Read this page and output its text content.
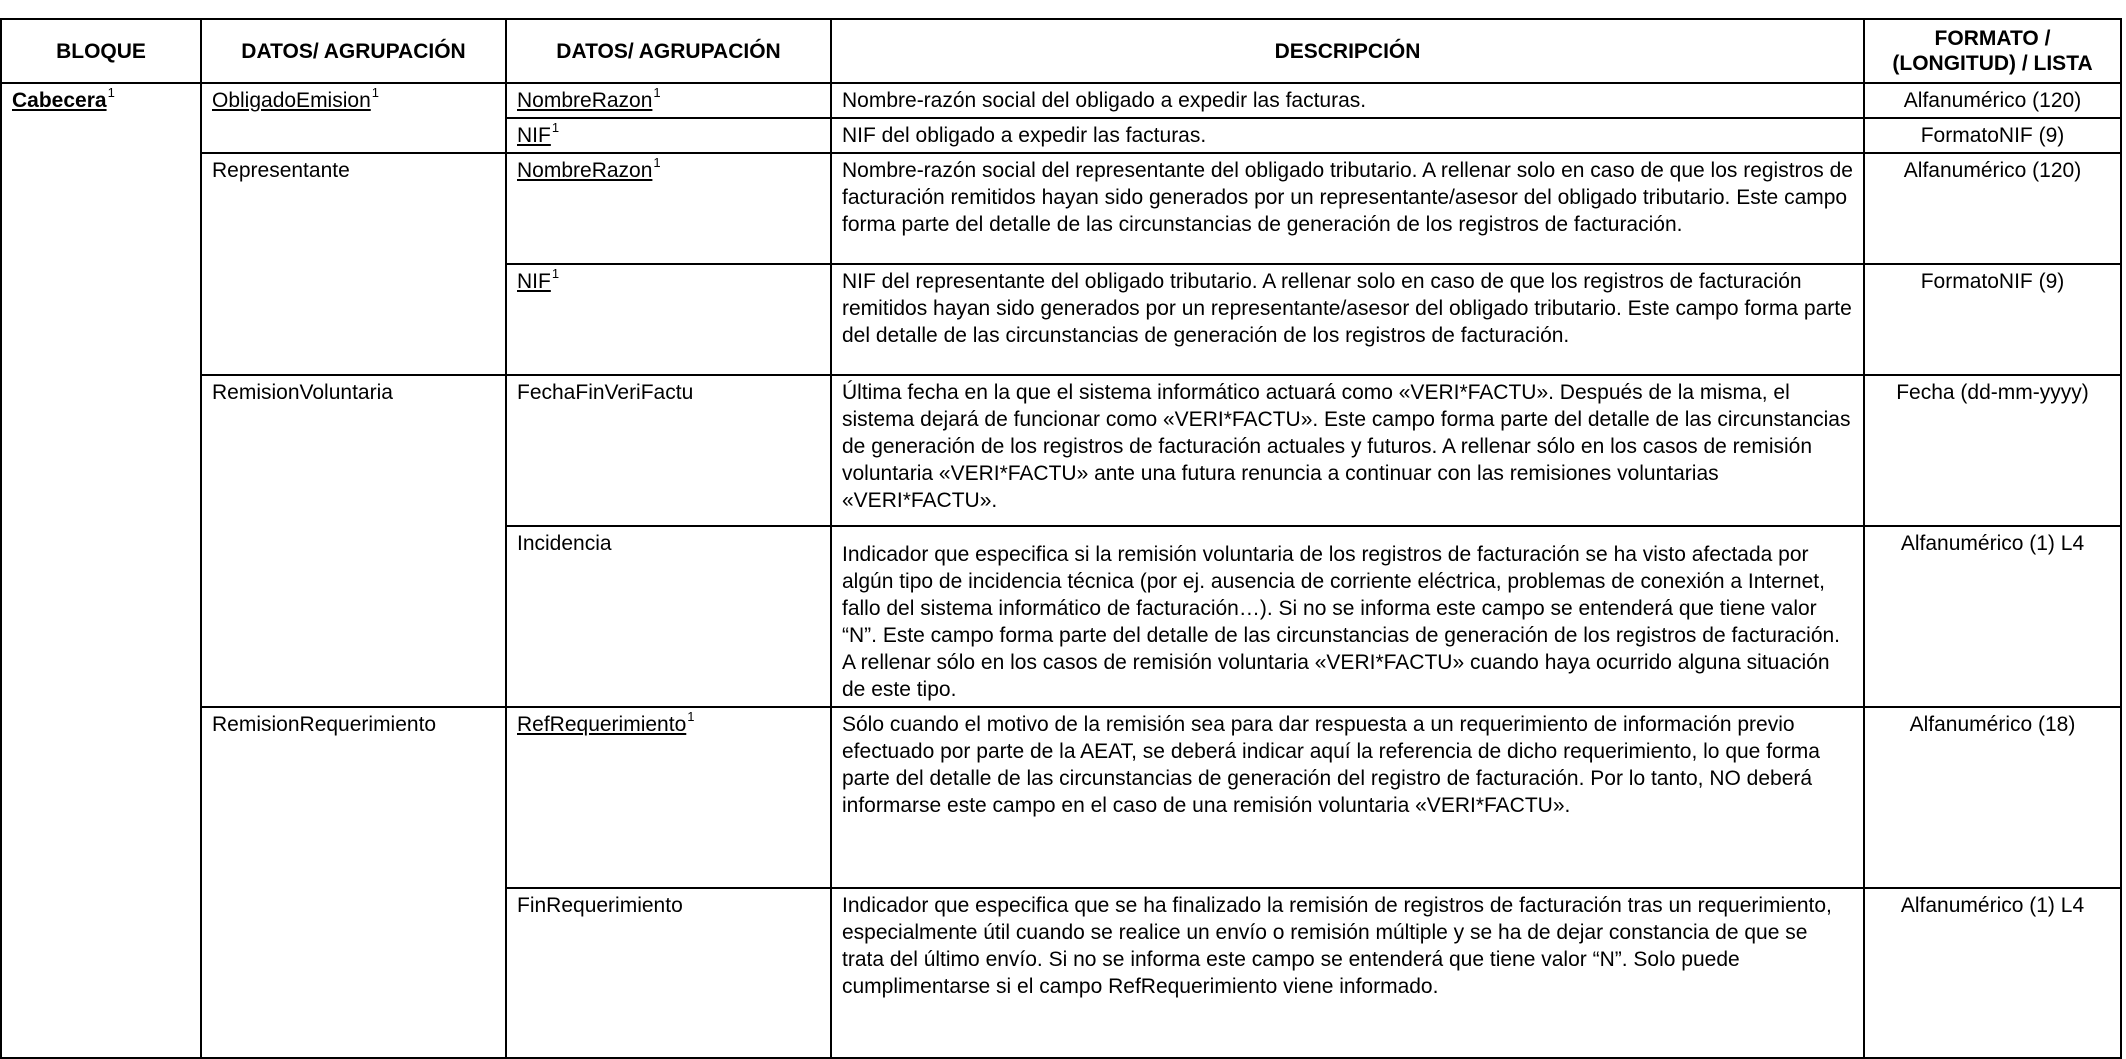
BLOQUE	DATOS/ AGRUPACIÓN	DATOS/ AGRUPACIÓN	DESCRIPCIÓN	FORMATO /
(LONGITUD) / LISTA

Cabecera$^1$	ObligadoEmision$^1$	NombreRazon$^1$	Nombre-razón social del obligado a expedir las facturas.	Alfanumérico (120)
		NIF$^1$	NIF del obligado a expedir las facturas.	FormatoNIF (9)
	Representante	NombreRazon$^1$	Nombre-razón social del representante del obligado tributario. A rellenar solo en caso de que los registros de facturación remitidos hayan sido generados por un representante/asesor del obligado tributario. Este campo forma parte del detalle de las circunstancias de generación de los registros de facturación.	Alfanumérico (120)
		NIF$^1$	NIF del representante del obligado tributario. A rellenar solo en caso de que los registros de facturación remitidos hayan sido generados por un representante/asesor del obligado tributario. Este campo forma parte del detalle de las circunstancias de generación de los registros de facturación.	FormatoNIF (9)
	RemisionVoluntaria	FechaFinVeriFactu	Última fecha en la que el sistema informático actuará como «VERI*FACTU». Después de la misma, el sistema dejará de funcionar como «VERI*FACTU». Este campo forma parte del detalle de las circunstancias de generación de los registros de facturación actuales y futuros. A rellenar sólo en los casos de remisión voluntaria «VERI*FACTU» ante una futura renuncia a continuar con las remisiones voluntarias «VERI*FACTU».	Fecha (dd-mm-yyyy)
		Incidencia	Indicador que especifica si la remisión voluntaria de los registros de facturación se ha visto afectada por algún tipo de incidencia técnica (por ej. ausencia de corriente eléctrica, problemas de conexión a Internet, fallo del sistema informático de facturación…). Si no se informa este campo se entenderá que tiene valor “N”. Este campo forma parte del detalle de las circunstancias de generación de los registros de facturación. A rellenar sólo en los casos de remisión voluntaria «VERI*FACTU» cuando haya ocurrido alguna situación de este tipo.	Alfanumérico (1) L4
	RemisionRequerimiento	RefRequerimiento$^1$	Sólo cuando el motivo de la remisión sea para dar respuesta a un requerimiento de información previo efectuado por parte de la AEAT, se deberá indicar aquí la referencia de dicho requerimiento, lo que forma parte del detalle de las circunstancias de generación del registro de facturación. Por lo tanto, NO deberá informarse este campo en el caso de una remisión voluntaria «VERI*FACTU».	Alfanumérico (18)
		FinRequerimiento	Indicador que especifica que se ha finalizado la remisión de registros de facturación tras un requerimiento, especialmente útil cuando se realice un envío o remisión múltiple y se ha de dejar constancia de que se trata del último envío. Si no se informa este campo se entenderá que tiene valor “N”. Solo puede cumplimentarse si el campo RefRequerimiento viene informado.	Alfanumérico (1) L4
